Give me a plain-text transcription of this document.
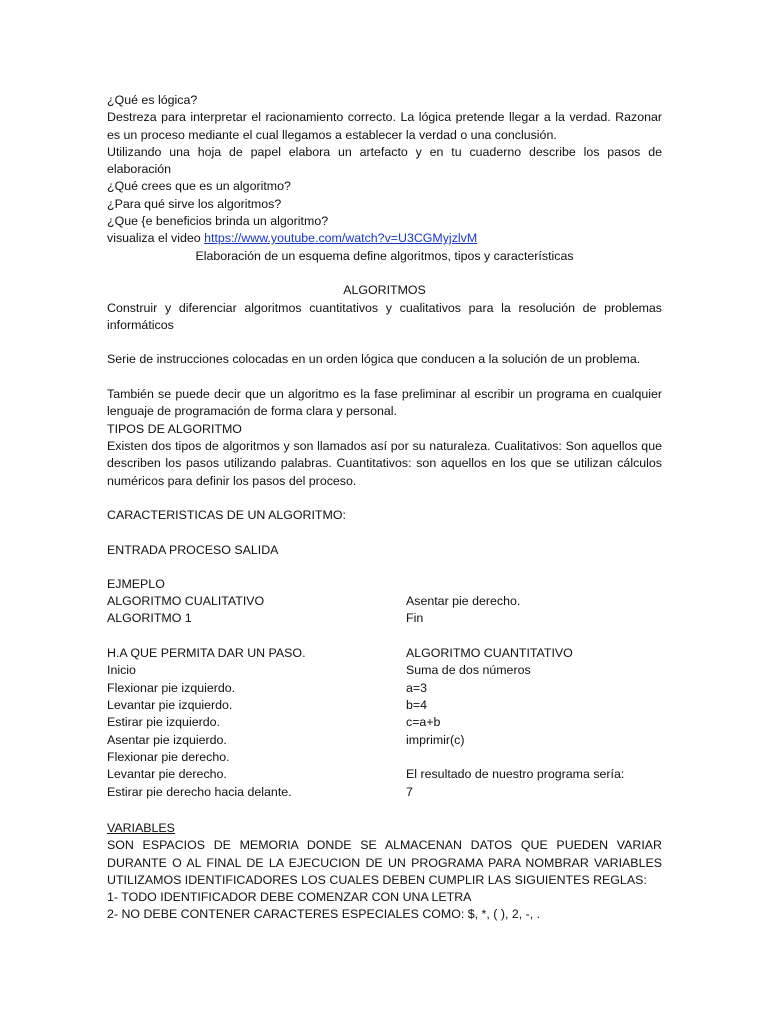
¿Qué es lógica?

Destreza para interpretar el racionamiento correcto. La lógica pretende llegar a la verdad. Razonar es un proceso mediante el cual llegamos a establecer la verdad o una conclusión.

Utilizando una hoja de papel elabora un artefacto y en tu cuaderno describe los pasos de elaboración

¿Qué crees que es un algoritmo?

¿Para qué sirve los algoritmos?

¿Que {e beneficios brinda un algoritmo?

visualiza el video https://www.youtube.com/watch?v=U3CGMyjzlvM

Elaboración de un esquema define algoritmos, tipos y características

ALGORITMOS

Construir y diferenciar algoritmos cuantitativos y cualitativos para la resolución de problemas informáticos

Serie de instrucciones colocadas en un orden lógica que conducen a la solución de un problema.

También se puede decir que un algoritmo es la fase preliminar al escribir un programa en cualquier lenguaje de programación de forma clara y personal.

TIPOS DE ALGORITMO

Existen dos tipos de algoritmos y son llamados así por su naturaleza. Cualitativos: Son aquellos que describen los pasos utilizando palabras. Cuantitativos: son aquellos en los que se utilizan cálculos numéricos para definir los pasos del proceso.

CARACTERISTICAS DE UN ALGORITMO:

ENTRADA PROCESO SALIDA

EJMEPLO

ALGORITMO CUALITATIVO
ALGORITMO 1
H.A QUE PERMITA DAR UN PASO.
Inicio
Flexionar pie izquierdo.
Levantar pie izquierdo.
Estirar pie izquierdo.
Asentar pie izquierdo.
Flexionar pie derecho.
Levantar pie derecho.
Estirar pie derecho hacia delante.
Asentar pie derecho.
Fin
ALGORITMO CUANTITATIVO
Suma de dos números
a=3
b=4
c=a+b
imprimir(c)
El resultado de nuestro programa sería:
7

VARIABLES

SON ESPACIOS DE MEMORIA DONDE SE ALMACENAN DATOS QUE PUEDEN VARIAR DURANTE O AL FINAL DE LA EJECUCION DE UN PROGRAMA PARA NOMBRAR VARIABLES UTILIZAMOS IDENTIFICADORES LOS CUALES DEBEN CUMPLIR LAS SIGUIENTES REGLAS:

1- TODO IDENTIFICADOR DEBE COMENZAR CON UNA LETRA

2- NO DEBE CONTENER CARACTERES ESPECIALES COMO: $, *, ( ), 2, -, .
